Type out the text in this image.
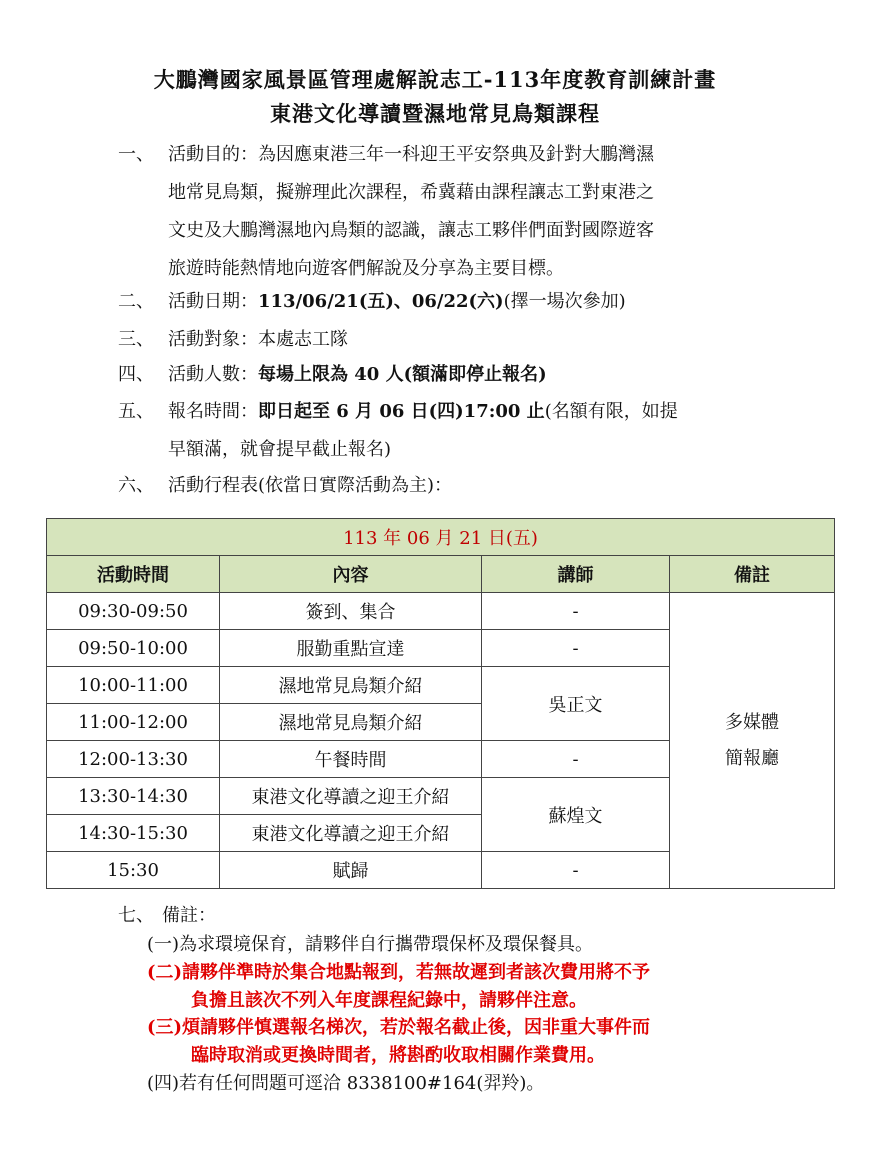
大鵬灣國家風景區管理處解說志工-113年度教育訓練計畫
東港文化導讀暨濕地常見鳥類課程
一、 活動目的：為因應東港三年一科迎王平安祭典及針對大鵬灣濕
地常見鳥類，擬辦理此次課程，希冀藉由課程讓志工對東港之
文史及大鵬灣濕地內鳥類的認識，讓志工夥伴們面對國際遊客
旅遊時能熱情地向遊客們解說及分享為主要目標。
二、 活動日期：113/06/21(五)、06/22(六)(擇一場次參加)
三、 活動對象：本處志工隊
四、 活動人數：每場上限為 40 人(額滿即停止報名)
五、 報名時間：即日起至 6 月 06 日(四)17:00 止(名額有限，如提
早額滿，就會提早截止報名)
六、 活動行程表(依當日實際活動為主)：
113 年 06 月 21 日(五)			
活動時間	內容	講師	備註
09:30-09:50	簽到、集合	-	多媒體
簡報廳

09:50-10:00	服勤重點宣達	-	
10:00-11:00	濕地常見鳥類介紹	吳正文	
11:00-12:00	濕地常見鳥類介紹		
12:00-13:30	午餐時間	-	
13:30-14:30	東港文化導讀之迎王介紹	蘇煌文	
14:30-15:30	東港文化導讀之迎王介紹		
15:30	賦歸	-	
七、 備註：
(一)為求環境保育，請夥伴自行攜帶環保杯及環保餐具。
(二)請夥伴準時於集合地點報到，若無故遲到者該次費用將不予
負擔且該次不列入年度課程紀錄中，請夥伴注意。
(三)煩請夥伴慎選報名梯次，若於報名截止後，因非重大事件而
臨時取消或更換時間者，將斟酌收取相關作業費用。
(四)若有任何問題可逕洽 8338100#164(羿羚)。
